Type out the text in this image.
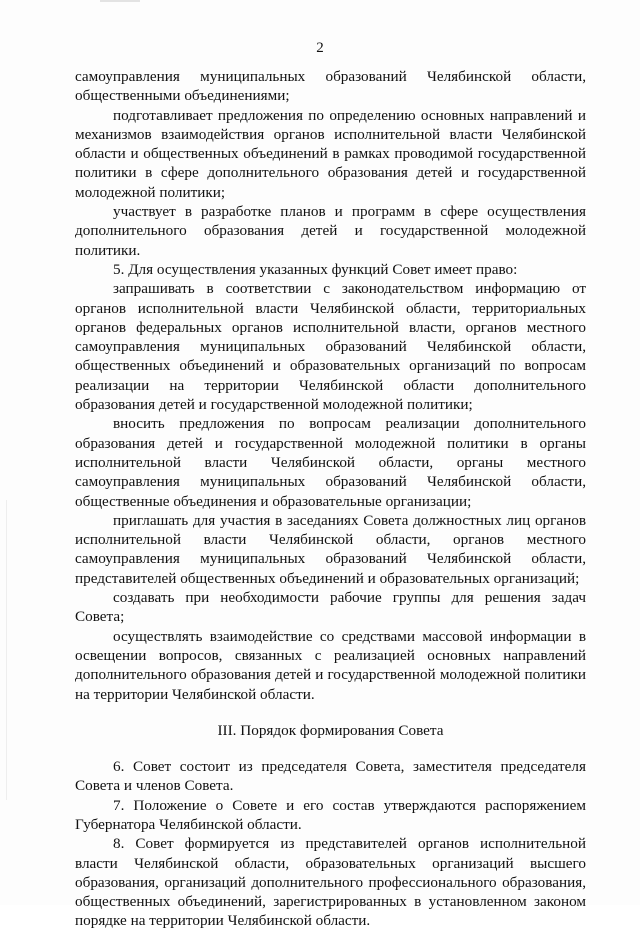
2

самоуправления муниципальных образований Челябинской области, общественными объединениями;

подготавливает предложения по определению основных направлений и механизмов взаимодействия органов исполнительной власти Челябинской области и общественных объединений в рамках проводимой государственной политики в сфере дополнительного образования детей и государственной молодежной политики;

участвует в разработке планов и программ в сфере осуществления дополнительного образования детей и государственной молодежной политики.

5. Для осуществления указанных функций Совет имеет право:

запрашивать в соответствии с законодательством информацию от органов исполнительной власти Челябинской области, территориальных органов федеральных органов исполнительной власти, органов местного самоуправления муниципальных образований Челябинской области, общественных объединений и образовательных организаций по вопросам реализации на территории Челябинской области дополнительного образования детей и государственной молодежной политики;

вносить предложения по вопросам реализации дополнительного образования детей и государственной молодежной политики в органы исполнительной власти Челябинской области, органы местного самоуправления муниципальных образований Челябинской области, общественные объединения и образовательные организации;

приглашать для участия в заседаниях Совета должностных лиц органов исполнительной власти Челябинской области, органов местного самоуправления муниципальных образований Челябинской области, представителей общественных объединений и образовательных организаций;

создавать при необходимости рабочие группы для решения задач Совета;

осуществлять взаимодействие со средствами массовой информации в освещении вопросов, связанных с реализацией основных направлений дополнительного образования детей и государственной молодежной политики на территории Челябинской области.

III. Порядок формирования Совета

6. Совет состоит из председателя Совета, заместителя председателя Совета и членов Совета.

7. Положение о Совете и его состав утверждаются распоряжением Губернатора Челябинской области.

8. Совет формируется из представителей органов исполнительной власти Челябинской области, образовательных организаций высшего образования, организаций дополнительного профессионального образования, общественных объединений, зарегистрированных в установленном законом порядке на территории Челябинской области.
